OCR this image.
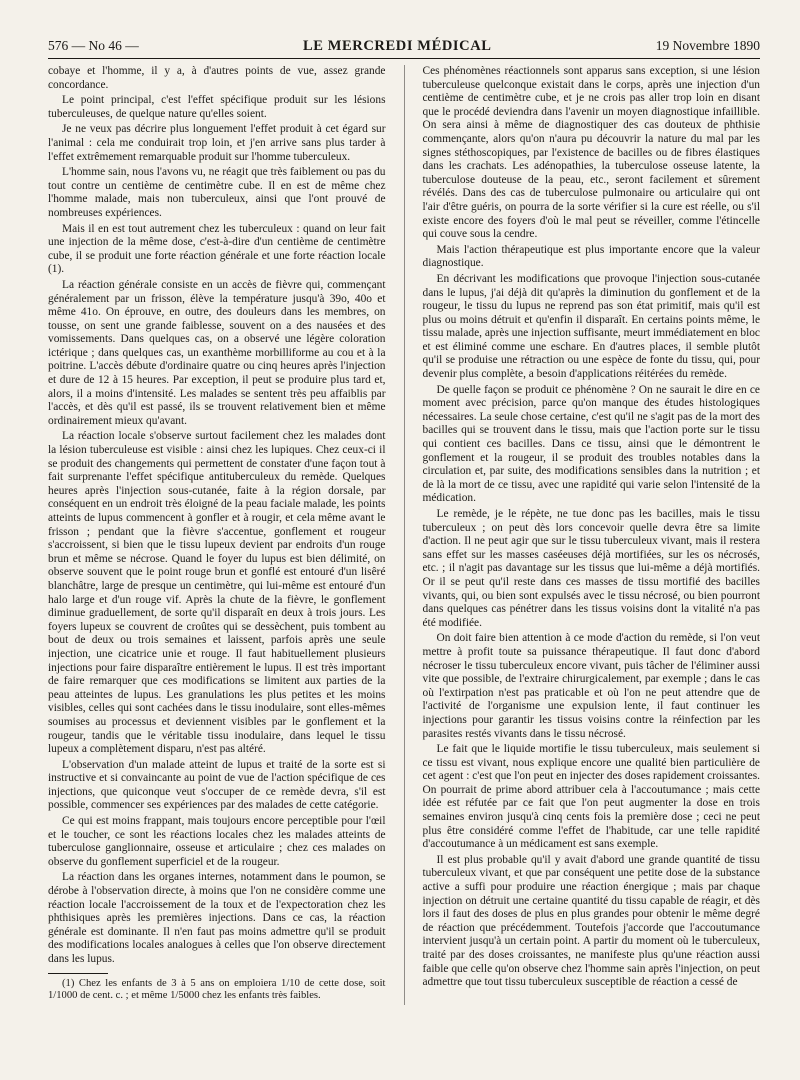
576 — No 46 —	LE MERCREDI MÉDICAL	19 Novembre 1890

cobaye et l'homme, il y a, à d'autres points de vue, assez grande concordance.

Le point principal, c'est l'effet spécifique produit sur les lésions tuberculeuses, de quelque nature qu'elles soient.

Je ne veux pas décrire plus longuement l'effet produit à cet égard sur l'animal : cela me conduirait trop loin, et j'en arrive sans plus tarder à l'effet extrêmement remarquable produit sur l'homme tuberculeux.

L'homme sain, nous l'avons vu, ne réagit que très faiblement ou pas du tout contre un centième de centimètre cube. Il en est de même chez l'homme malade, mais non tuberculeux, ainsi que l'ont prouvé de nombreuses expériences.

Mais il en est tout autrement chez les tuberculeux : quand on leur fait une injection de la même dose, c'est-à-dire d'un centième de centimètre cube, il se produit une forte réaction générale et une forte réaction locale (1).

La réaction générale consiste en un accès de fièvre qui, commençant généralement par un frisson, élève la température jusqu'à 39o, 40o et même 41o. On éprouve, en outre, des douleurs dans les membres, on tousse, on sent une grande faiblesse, souvent on a des nausées et des vomissements. Dans quelques cas, on a observé une légère coloration ictérique ; dans quelques cas, un exanthème morbilliforme au cou et à la poitrine. L'accès débute d'ordinaire quatre ou cinq heures après l'injection et dure de 12 à 15 heures. Par exception, il peut se produire plus tard et, alors, il a moins d'intensité. Les malades se sentent très peu affaiblis par l'accès, et dès qu'il est passé, ils se trouvent relativement bien et même ordinairement mieux qu'avant.

La réaction locale s'observe surtout facilement chez les malades dont la lésion tuberculeuse est visible : ainsi chez les lupiques. Chez ceux-ci il se produit des changements qui permettent de constater d'une façon tout à fait surprenante l'effet spécifique antituberculeux du remède. Quelques heures après l'injection sous-cutanée, faite à la région dorsale, par conséquent en un endroit très éloigné de la peau faciale malade, les points atteints de lupus commencent à gonfler et à rougir, et cela même avant le frisson ; pendant que la fièvre s'accentue, gonflement et rougeur s'accroissent, si bien que le tissu lupeux devient par endroits d'un rouge brun et même se nécrose. Quand le foyer du lupus est bien délimité, on observe souvent que le point rouge brun et gonflé est entouré d'un lisêré blanchâtre, large de presque un centimètre, qui lui-même est entouré d'un halo large et d'un rouge vif. Après la chute de la fièvre, le gonflement diminue graduellement, de sorte qu'il disparaît en deux à trois jours. Les foyers lupeux se couvrent de croûtes qui se dessèchent, puis tombent au bout de deux ou trois semaines et laissent, parfois après une seule injection, une cicatrice unie et rouge. Il faut habituellement plusieurs injections pour faire disparaître entièrement le lupus. Il est très important de faire remarquer que ces modifications se limitent aux parties de la peau atteintes de lupus. Les granulations les plus petites et les moins visibles, celles qui sont cachées dans le tissu inodulaire, sont elles-mêmes soumises au processus et deviennent visibles par le gonflement et la rougeur, tandis que le véritable tissu inodulaire, dans lequel le tissu lupeux a complètement disparu, n'est pas altéré.

L'observation d'un malade atteint de lupus et traité de la sorte est si instructive et si convaincante au point de vue de l'action spécifique de ces injections, que quiconque veut s'occuper de ce remède devra, s'il est possible, commencer ses expériences par des malades de cette catégorie.

Ce qui est moins frappant, mais toujours encore perceptible pour l'œil et le toucher, ce sont les réactions locales chez les malades atteints de tuberculose ganglionnaire, osseuse et articulaire ; chez ces malades on observe du gonflement superficiel et de la rougeur.

La réaction dans les organes internes, notamment dans le poumon, se dérobe à l'observation directe, à moins que l'on ne considère comme une réaction locale l'accroissement de la toux et de l'expectoration chez les phthisiques après les premières injections. Dans ce cas, la réaction générale est dominante. Il n'en faut pas moins admettre qu'il se produit des modifications locales analogues à celles que l'on observe directement dans les lupus.

(1) Chez les enfants de 3 à 5 ans on emploiera 1/10 de cette dose, soit 1/1000 de cent. c. ; et même 1/5000 chez les enfants très faibles.

Ces phénomènes réactionnels sont apparus sans exception, si une lésion tuberculeuse quelconque existait dans le corps, après une injection d'un centième de centimètre cube, et je ne crois pas aller trop loin en disant que le procédé deviendra dans l'avenir un moyen diagnostique infaillible. On sera ainsi à même de diagnostiquer des cas douteux de phthisie commençante, alors qu'on n'aura pu découvrir la nature du mal par les signes stéthoscopiques, par l'existence de bacilles ou de fibres élastiques dans les crachats. Les adénopathies, la tuberculose osseuse latente, la tuberculose douteuse de la peau, etc., seront facilement et sûrement révélés. Dans des cas de tuberculose pulmonaire ou articulaire qui ont l'air d'être guéris, on pourra de la sorte vérifier si la cure est réelle, ou s'il existe encore des foyers d'où le mal peut se réveiller, comme l'étincelle qui couve sous la cendre.

Mais l'action thérapeutique est plus importante encore que la valeur diagnostique.

En décrivant les modifications que provoque l'injection sous-cutanée dans le lupus, j'ai déjà dit qu'après la diminution du gonflement et de la rougeur, le tissu du lupus ne reprend pas son état primitif, mais qu'il est plus ou moins détruit et qu'enfin il disparaît. En certains points même, le tissu malade, après une injection suffisante, meurt immédiatement en bloc et est éliminé comme une eschare. En d'autres places, il semble plutôt qu'il se produise une rétraction ou une espèce de fonte du tissu, qui, pour devenir plus complète, a besoin d'applications réitérées du remède.

De quelle façon se produit ce phénomène ? On ne saurait le dire en ce moment avec précision, parce qu'on manque des études histologiques nécessaires. La seule chose certaine, c'est qu'il ne s'agit pas de la mort des bacilles qui se trouvent dans le tissu, mais que l'action porte sur le tissu qui contient ces bacilles. Dans ce tissu, ainsi que le démontrent le gonflement et la rougeur, il se produit des troubles notables dans la circulation et, par suite, des modifications sensibles dans la nutrition ; et de là la mort de ce tissu, avec une rapidité qui varie selon l'intensité de la médication.

Le remède, je le répète, ne tue donc pas les bacilles, mais le tissu tuberculeux ; on peut dès lors concevoir quelle devra être sa limite d'action. Il ne peut agir que sur le tissu tuberculeux vivant, mais il restera sans effet sur les masses caséeuses déjà mortifiées, sur les os nécrosés, etc. ; il n'agit pas davantage sur les tissus que lui-même a déjà mortifiés. Or il se peut qu'il reste dans ces masses de tissu mortifié des bacilles vivants, qui, ou bien sont expulsés avec le tissu nécrosé, ou bien pourront dans quelques cas pénétrer dans les tissus voisins dont la vitalité n'a pas été modifiée.

On doit faire bien attention à ce mode d'action du remède, si l'on veut mettre à profit toute sa puissance thérapeutique. Il faut donc d'abord nécroser le tissu tuberculeux encore vivant, puis tâcher de l'éliminer aussi vite que possible, de l'extraire chirurgicalement, par exemple ; dans le cas où l'extirpation n'est pas praticable et où l'on ne peut attendre que de l'activité de l'organisme une expulsion lente, il faut continuer les injections pour garantir les tissus voisins contre la réinfection par les parasites restés vivants dans le tissu nécrosé.

Le fait que le liquide mortifie le tissu tuberculeux, mais seulement si ce tissu est vivant, nous explique encore une qualité bien particulière de cet agent : c'est que l'on peut en injecter des doses rapidement croissantes. On pourrait de prime abord attribuer cela à l'accoutumance ; mais cette idée est réfutée par ce fait que l'on peut augmenter la dose en trois semaines environ jusqu'à cinq cents fois la première dose ; ceci ne peut plus être considéré comme l'effet de l'habitude, car une telle rapidité d'accoutumance à un médicament est sans exemple.

Il est plus probable qu'il y avait d'abord une grande quantité de tissu tuberculeux vivant, et que par conséquent une petite dose de la substance active a suffi pour produire une réaction énergique ; mais par chaque injection on détruit une certaine quantité du tissu capable de réagir, et dès lors il faut des doses de plus en plus grandes pour obtenir le même degré de réaction que précédemment. Toutefois j'accorde que l'accoutumance intervient jusqu'à un certain point. A partir du moment où le tuberculeux, traité par des doses croissantes, ne manifeste plus qu'une réaction aussi faible que celle qu'on observe chez l'homme sain après l'injection, on peut admettre que tout tissu tuberculeux susceptible de réaction a cessé de
